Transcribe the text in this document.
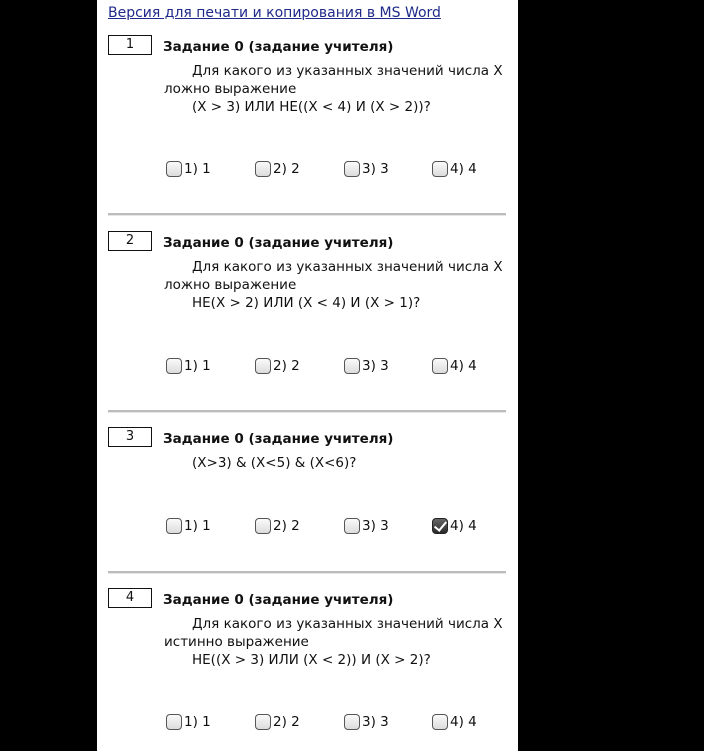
Версия для печати и копирования в MS Word
1	Задание 0 (задание учителя)
Для какого из указанных значений числа X ложно выражение
(X > 3) ИЛИ НЕ((X < 4) И (X > 2))?
1) 1	2) 2	3) 3	4) 4
2	Задание 0 (задание учителя)
Для какого из указанных значений числа X ложно выражение
НЕ(X > 2) ИЛИ (X < 4) И (X > 1)?
1) 1	2) 2	3) 3	4) 4
3	Задание 0 (задание учителя)
(X>3) & (X<5) & (X<6)?
1) 1	2) 2	3) 3	4) 4
4	Задание 0 (задание учителя)
Для какого из указанных значений числа X истинно выражение
НЕ((X > 3) ИЛИ (X < 2)) И (X > 2)?
1) 1	2) 2	3) 3	4) 4
